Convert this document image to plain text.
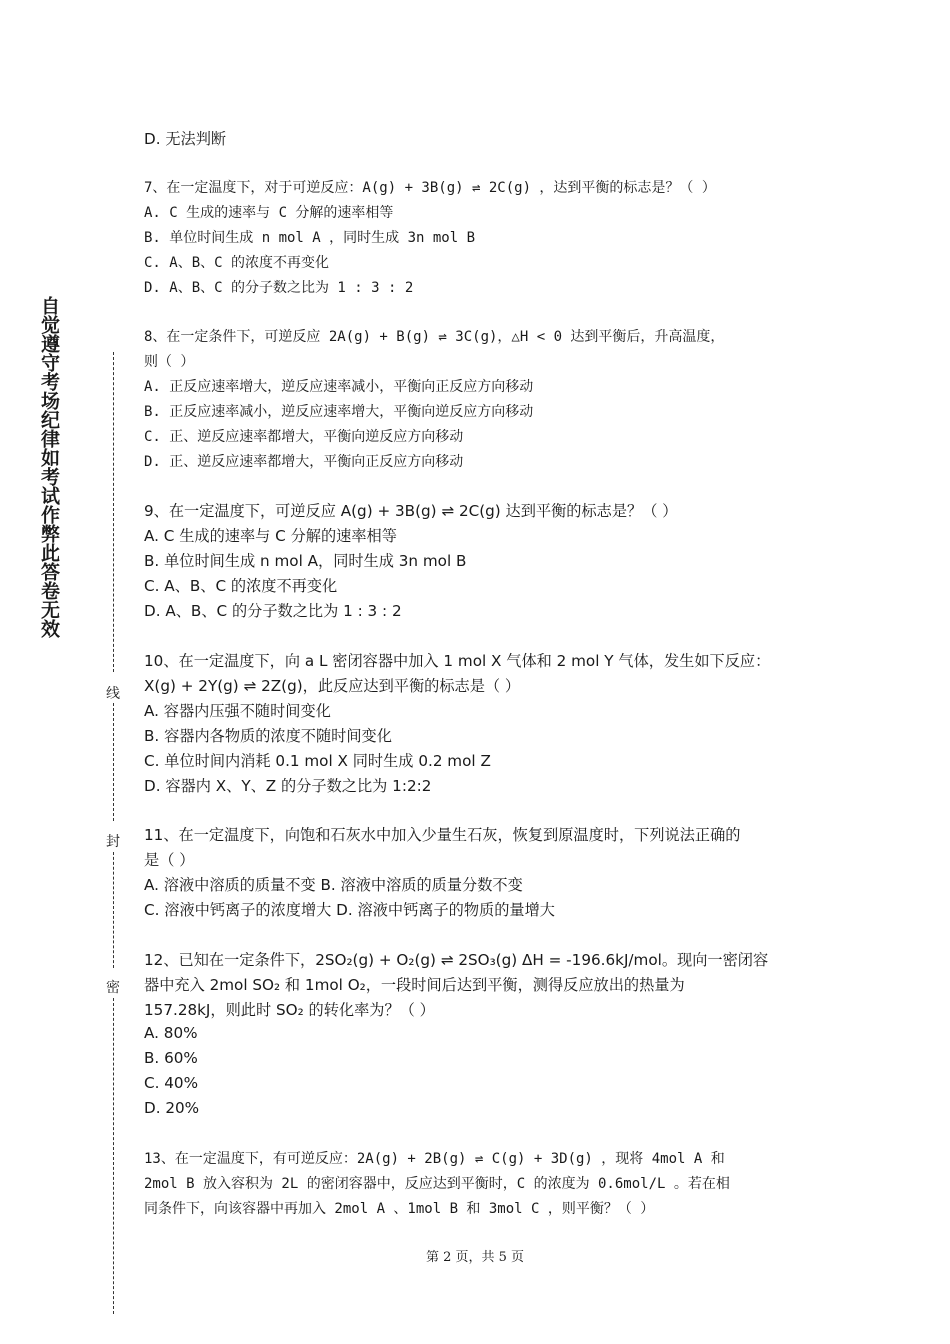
自觉遵守考场纪律如考试作弊此答卷无效
线
封
密
D. 无法判断
7、在一定温度下，对于可逆反应：A(g) + 3B(g) ⇌ 2C(g) ，达到平衡的标志是？（ ）
A. C 生成的速率与 C 分解的速率相等
B. 单位时间生成 n mol A ，同时生成 3n mol B
C. A、B、C 的浓度不再变化
D. A、B、C 的分子数之比为 1 : 3 : 2
8、在一定条件下，可逆反应 2A(g) + B(g) ⇌ 3C(g)，△H < 0 达到平衡后，升高温度，
则（ ）
A. 正反应速率增大，逆反应速率减小，平衡向正反应方向移动
B. 正反应速率减小，逆反应速率增大，平衡向逆反应方向移动
C. 正、逆反应速率都增大，平衡向逆反应方向移动
D. 正、逆反应速率都增大，平衡向正反应方向移动
9、在一定温度下，可逆反应 A(g) + 3B(g) ⇌ 2C(g) 达到平衡的标志是？（ ）
A. C 生成的速率与 C 分解的速率相等
B. 单位时间生成 n mol A，同时生成 3n mol B
C. A、B、C 的浓度不再变化
D. A、B、C 的分子数之比为 1 : 3 : 2
10、在一定温度下，向 a L 密闭容器中加入 1 mol X 气体和 2 mol Y 气体，发生如下反应：
X(g) + 2Y(g) ⇌ 2Z(g)，此反应达到平衡的标志是（ ）
A. 容器内压强不随时间变化
B. 容器内各物质的浓度不随时间变化
C. 单位时间内消耗 0.1 mol X 同时生成 0.2 mol Z
D. 容器内 X、Y、Z 的分子数之比为 1:2:2
11、在一定温度下，向饱和石灰水中加入少量生石灰，恢复到原温度时，下列说法正确的
是（ ）
A. 溶液中溶质的质量不变 B. 溶液中溶质的质量分数不变
C. 溶液中钙离子的浓度增大 D. 溶液中钙离子的物质的量增大
12、已知在一定条件下，2SO₂(g) + O₂(g) ⇌ 2SO₃(g) ΔH = -196.6kJ/mol。现向一密闭容
器中充入 2mol SO₂ 和 1mol O₂，一段时间后达到平衡，测得反应放出的热量为
157.28kJ，则此时 SO₂ 的转化率为？（ ）
A. 80%
B. 60%
C. 40%
D. 20%
13、在一定温度下，有可逆反应：2A(g) + 2B(g) ⇌ C(g) + 3D(g) ，现将 4mol A 和
2mol B 放入容积为 2L 的密闭容器中，反应达到平衡时，C 的浓度为 0.6mol/L 。若在相
同条件下，向该容器中再加入 2mol A 、1mol B 和 3mol C ，则平衡？（ ）
第 2 页，共 5 页
